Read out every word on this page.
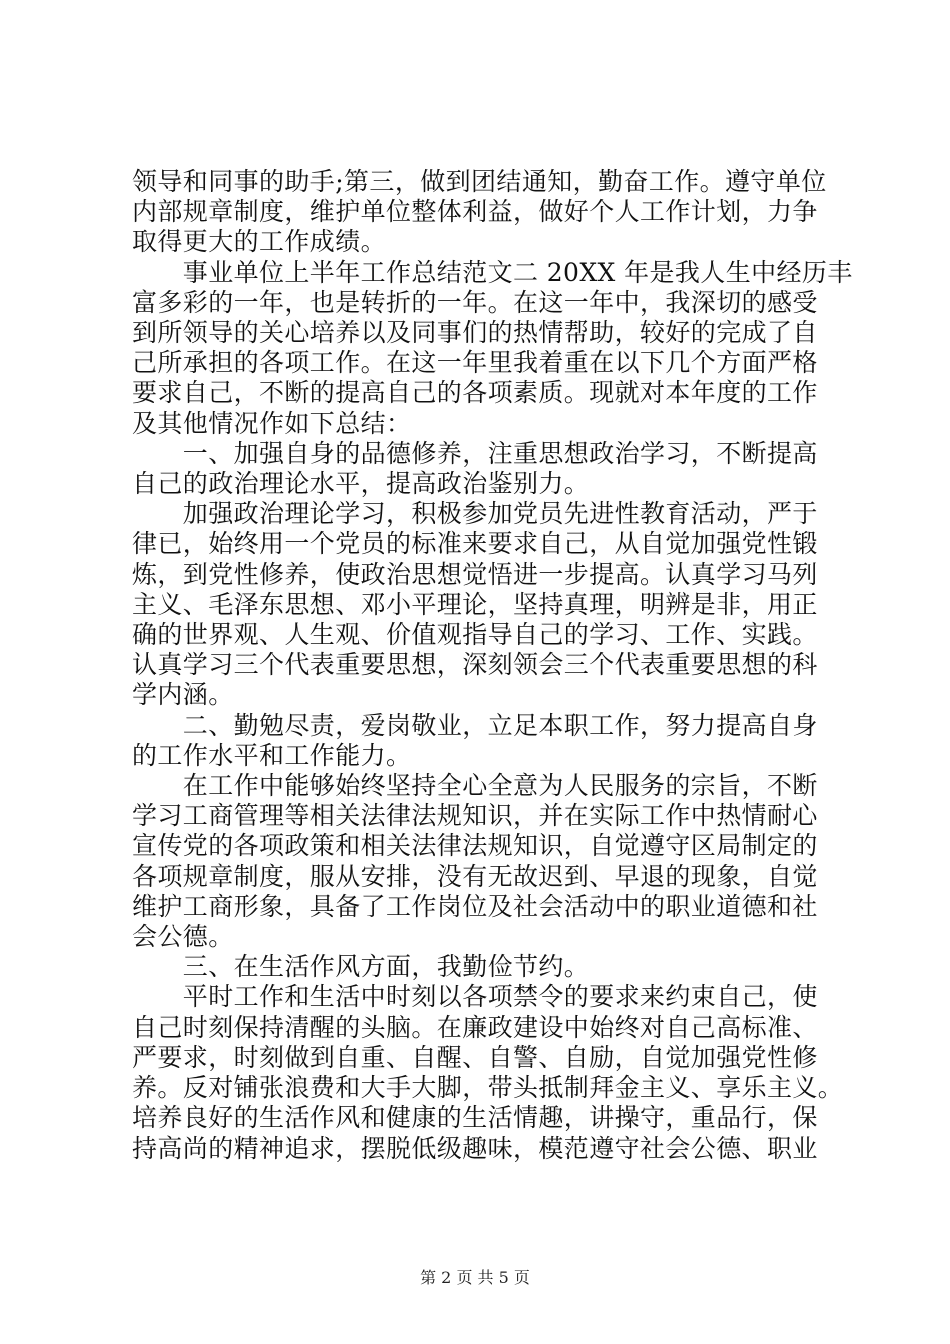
领导和同事的助手;第三，做到团结通知，勤奋工作。遵守单位
内部规章制度，维护单位整体利益，做好个人工作计划，力争
取得更大的工作成绩。
　　事业单位上半年工作总结范文二 20XX 年是我人生中经历丰
富多彩的一年，也是转折的一年。在这一年中，我深切的感受
到所领导的关心培养以及同事们的热情帮助，较好的完成了自
己所承担的各项工作。在这一年里我着重在以下几个方面严格
要求自己，不断的提高自己的各项素质。现就对本年度的工作
及其他情况作如下总结：
　　一、加强自身的品德修养，注重思想政治学习，不断提高
自己的政治理论水平，提高政治鉴别力。
　　加强政治理论学习，积极参加党员先进性教育活动，严于
律已，始终用一个党员的标准来要求自己，从自觉加强党性锻
炼，到党性修养，使政治思想觉悟进一步提高。认真学习马列
主义、毛泽东思想、邓小平理论，坚持真理，明辨是非，用正
确的世界观、人生观、价值观指导自己的学习、工作、实践。
认真学习三个代表重要思想，深刻领会三个代表重要思想的科
学内涵。
　　二、勤勉尽责，爱岗敬业，立足本职工作，努力提高自身
的工作水平和工作能力。
　　在工作中能够始终坚持全心全意为人民服务的宗旨，不断
学习工商管理等相关法律法规知识，并在实际工作中热情耐心
宣传党的各项政策和相关法律法规知识，自觉遵守区局制定的
各项规章制度，服从安排，没有无故迟到、早退的现象，自觉
维护工商形象，具备了工作岗位及社会活动中的职业道德和社
会公德。
　　三、在生活作风方面，我勤俭节约。
　　平时工作和生活中时刻以各项禁令的要求来约束自己，使
自己时刻保持清醒的头脑。在廉政建设中始终对自己高标准、
严要求，时刻做到自重、自醒、自警、自励，自觉加强党性修
养。反对铺张浪费和大手大脚，带头抵制拜金主义、享乐主义。
培养良好的生活作风和健康的生活情趣，讲操守，重品行，保
持高尚的精神追求，摆脱低级趣味，模范遵守社会公德、职业
第 2 页 共 5 页
